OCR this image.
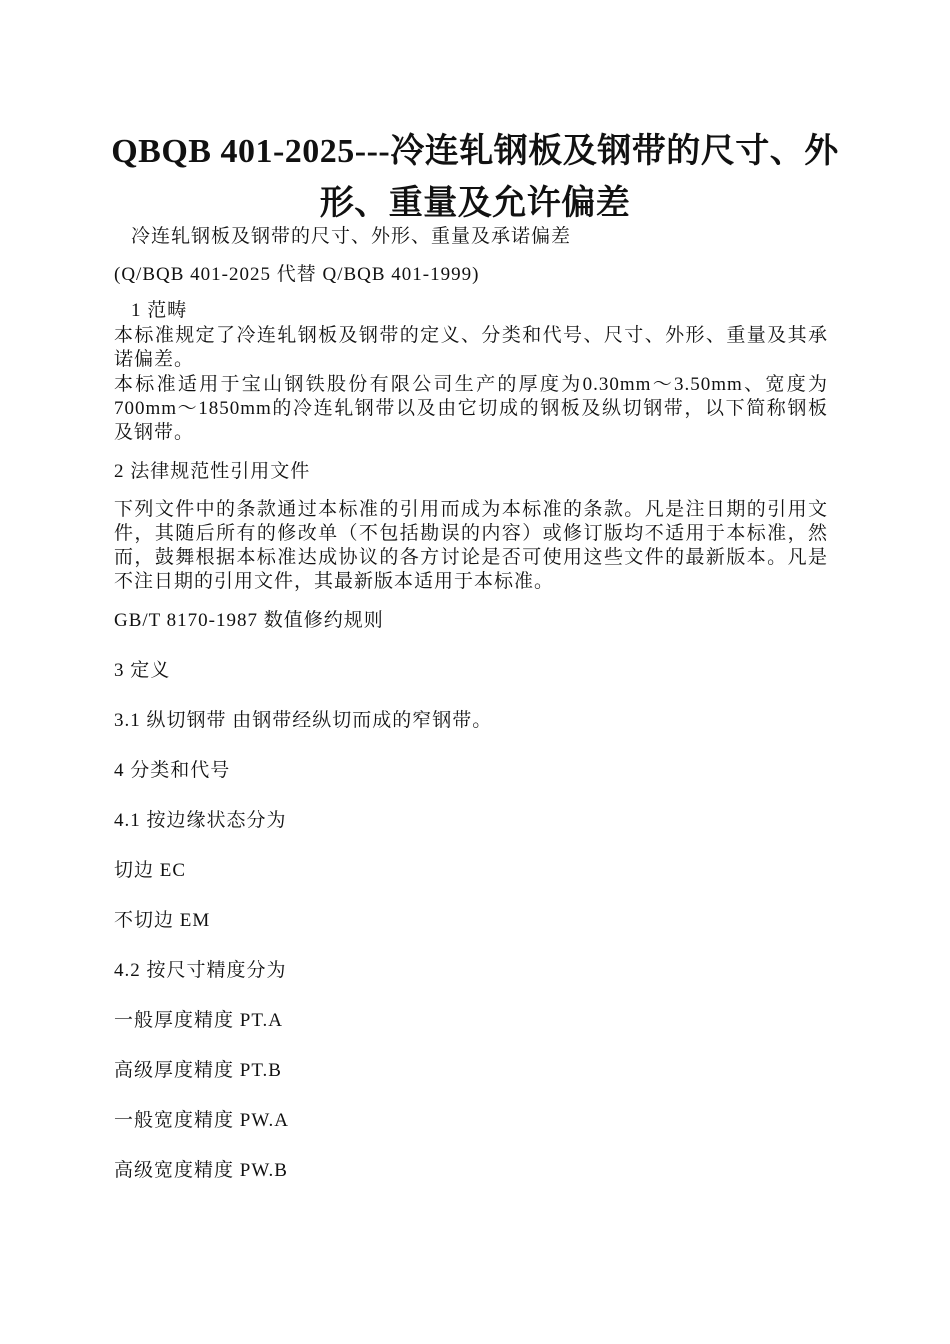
QBQB 401-2025---冷连轧钢板及钢带的尺寸、外形、重量及允许偏差
冷连轧钢板及钢带的尺寸、外形、重量及承诺偏差
(Q/BQB 401-2025 代替 Q/BQB 401-1999)
1 范畴
本标准规定了冷连轧钢板及钢带的定义、分类和代号、尺寸、外形、重量及其承诺偏差。
本标准适用于宝山钢铁股份有限公司生产的厚度为0.30mm～3.50mm、宽度为700mm～1850mm的冷连轧钢带以及由它切成的钢板及纵切钢带，以下简称钢板及钢带。
2 法律规范性引用文件
下列文件中的条款通过本标准的引用而成为本标准的条款。凡是注日期的引用文件，其随后所有的修改单（不包括勘误的内容）或修订版均不适用于本标准，然而，鼓舞根据本标准达成协议的各方讨论是否可使用这些文件的最新版本。凡是不注日期的引用文件，其最新版本适用于本标准。
GB/T 8170-1987 数值修约规则
3 定义
3.1 纵切钢带 由钢带经纵切而成的窄钢带。
4 分类和代号
4.1 按边缘状态分为
切边 EC
不切边 EM
4.2 按尺寸精度分为
一般厚度精度 PT.A
高级厚度精度 PT.B
一般宽度精度 PW.A
高级宽度精度 PW.B
